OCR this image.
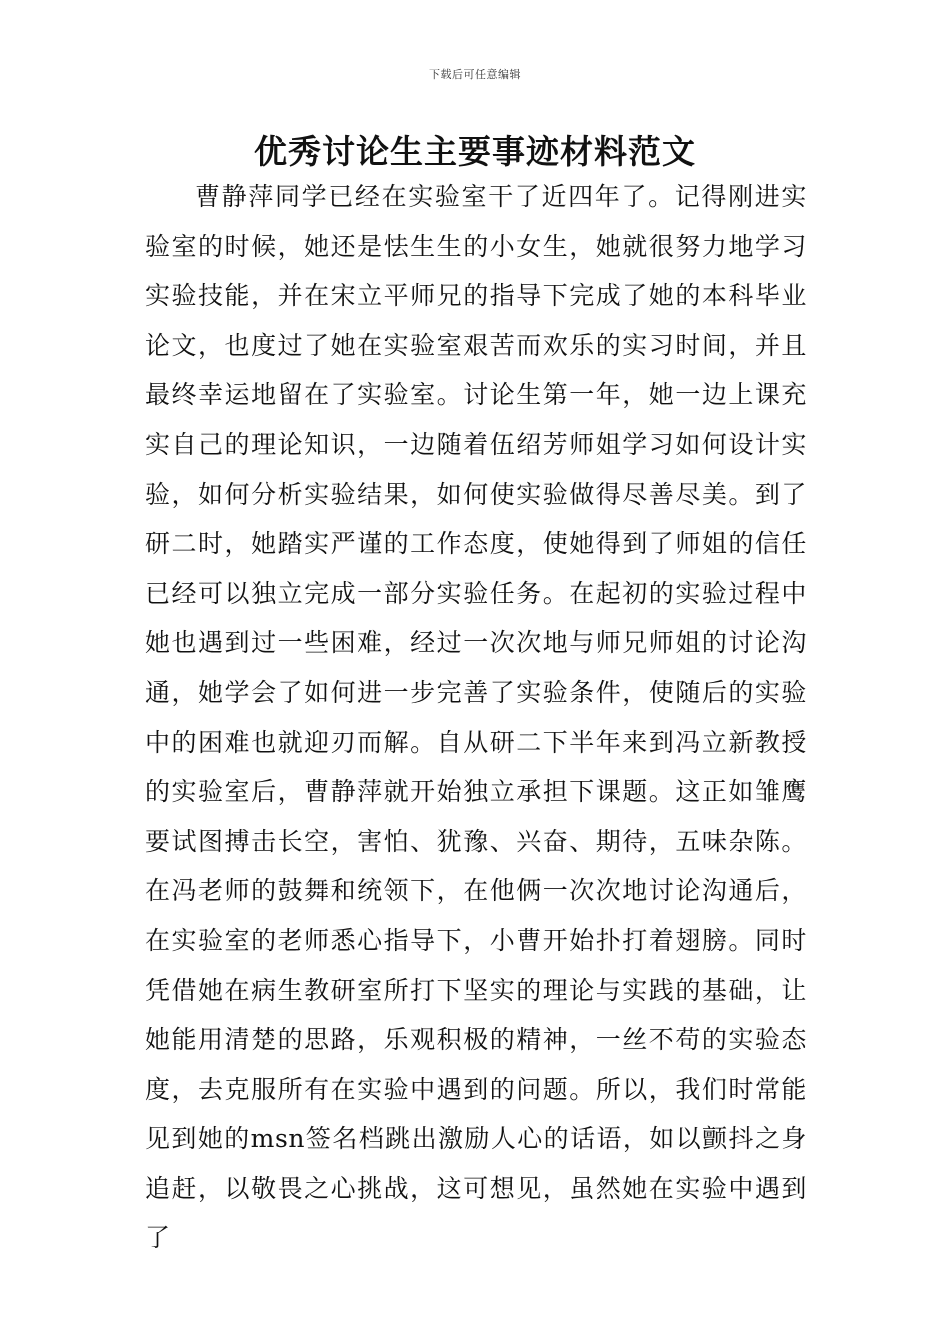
下载后可任意编辑
优秀讨论生主要事迹材料范文

曹静萍同学已经在实验室干了近四年了。记得刚进实验室的时候，她还是怯生生的小女生，她就很努力地学习实验技能，并在宋立平师兄的指导下完成了她的本科毕业论文，也度过了她在实验室艰苦而欢乐的实习时间，并且最终幸运地留在了实验室。讨论生第一年，她一边上课充实自己的理论知识，一边随着伍绍芳师姐学习如何设计实验，如何分析实验结果，如何使实验做得尽善尽美。到了研二时，她踏实严谨的工作态度，使她得到了师姐的信任已经可以独立完成一部分实验任务。在起初的实验过程中她也遇到过一些困难，经过一次次地与师兄师姐的讨论沟通，她学会了如何进一步完善了实验条件，使随后的实验中的困难也就迎刃而解。自从研二下半年来到冯立新教授的实验室后，曹静萍就开始独立承担下课题。这正如雏鹰要试图搏击长空，害怕、犹豫、兴奋、期待，五味杂陈。在冯老师的鼓舞和统领下，在他俩一次次地讨论沟通后，在实验室的老师悉心指导下，小曹开始扑打着翅膀。同时凭借她在病生教研室所打下坚实的理论与实践的基础，让她能用清楚的思路，乐观积极的精神，一丝不苟的实验态度，去克服所有在实验中遇到的问题。所以，我们时常能见到她的msn签名档跳出激励人心的话语，如以颤抖之身追赶，以敬畏之心挑战，这可想见，虽然她在实验中遇到了
